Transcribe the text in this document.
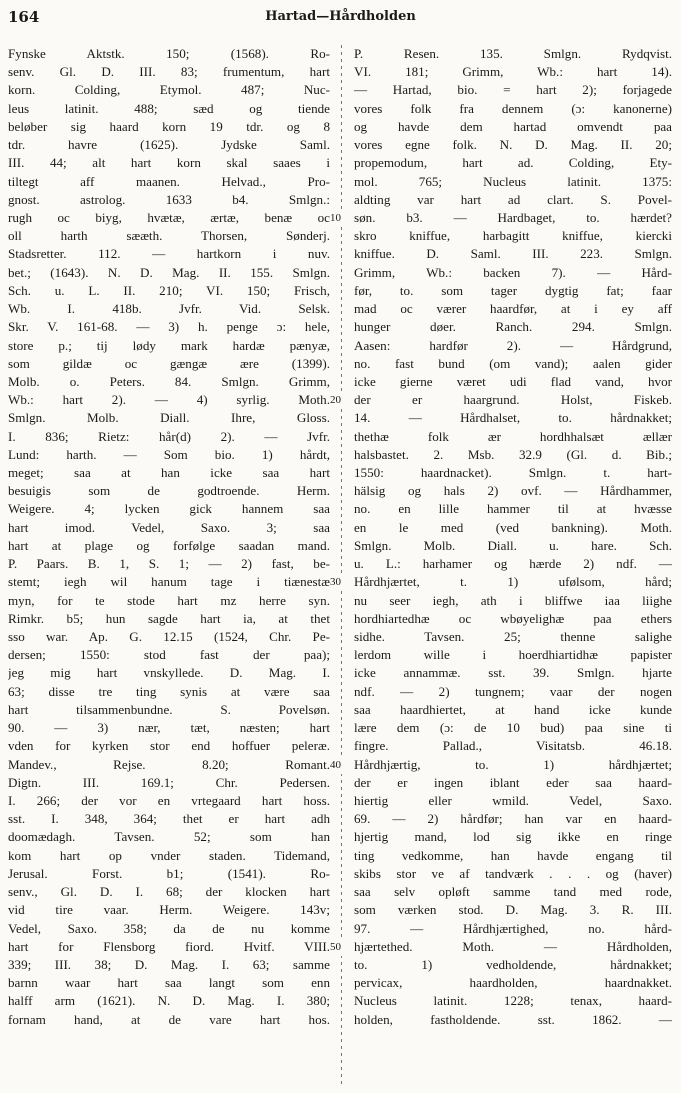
164	Hartad—Hårdholden
Fynske Aktstk. 150; (1568). Ro-
senv. Gl. D. III. 83; frumentum, hart
korn. Colding, Etymol. 487; Nuc-
leus latinit. 488; sæd og tiende
beløber sig haard korn 19 tdr. og 8
tdr. havre (1625). Jydske Saml.
III. 44; alt hart korn skal saaes i
tiltegt aff maanen. Helvad., Pro-
gnost. astrolog. 1633 b4. Smlgn.:
rugh oc biyg, hvætæ, ærtæ, benæ oc
oll harth sææth. Thorsen, Sønderj.
Stadsretter. 112. — hartkorn i nuv.
bet.; (1643). N. D. Mag. II. 155. Smlgn.
Sch. u. L. II. 210; VI. 150; Frisch,
Wb. I. 418b. Jvfr. Vid. Selsk.
Skr. V. 161-68. — 3) h. penge ɔ: hele,
store p.; tij lødy mark hardæ pænyæ,
som gildæ oc gængæ ære (1399).
Molb. o. Peters. 84. Smlgn. Grimm,
Wb.: hart 2). — 4) syrlig. Moth.
Smlgn. Molb. Diall. Ihre, Gloss.
I. 836; Rietz: hår(d) 2). — Jvfr.
Lund: harth. — Som bio. 1) hårdt,
meget; saa at han icke saa hart
besuigis som de godtroende. Herm.
Weigere. 4; lycken gick hannem saa
hart imod. Vedel, Saxo. 3; saa
hart at plage og forfølge saadan mand.
P. Paars. B. 1, S. 1; — 2) fast, be-
stemt; iegh wil hanum tage i tiænestæ
myn, for te stode hart mz herre syn.
Rimkr. b5; hun sagde hart ia, at thet
sso war. Ap. G. 12.15 (1524, Chr. Pe-
dersen; 1550: stod fast der paa);
jeg mig hart vnskyllede. D. Mag. I.
63; disse tre ting synis at være saa
hart tilsammenbundne. S. Povelsøn.
90. — 3) nær, tæt, næsten; hart
vden for kyrken stor end hoffuer peleræ.
Mandev., Rejse. 8.20; Romant.
Digtn. III. 169.1; Chr. Pedersen.
I. 266; der vor en vrtegaard hart hoss.
sst. I. 348, 364; thet er hart adh
doomædagh. Tavsen. 52; som han
kom hart op vnder staden. Tidemand,
Jerusal. Forst. b1; (1541). Ro-
senv., Gl. D. I. 68; der klocken hart
vid tire vaar. Herm. Weigere. 143v;
Vedel, Saxo. 358; da de nu komme
hart for Flensborg fiord. Hvitf. VIII.
339; III. 38; D. Mag. I. 63; samme
barnn waar hart saa langt som enn
halff arm (1621). N. D. Mag. I. 380;
fornam hand, at de vare hart hos.
10
20
30
40
50
P. Resen. 135. Smlgn. Rydqvist.
VI. 181; Grimm, Wb.: hart 14).
— Hartad, bio. = hart 2); forjagede
vores folk fra dennem (ɔ: kanonerne)
og havde dem hartad omvendt paa
vores egne folk. N. D. Mag. II. 20;
propemodum, hart ad. Colding, Ety-
mol. 765; Nucleus latinit. 1375:
aldting var hart ad clart. S. Povel-
søn. b3. — Hardbaget, to. hærdet?
skro kniffue, harbagitt kniffue, kiercki
kniffue. D. Saml. III. 223. Smlgn.
Grimm, Wb.: backen 7). — Hård-
før, to. som tager dygtig fat; faar
mad oc værer haardfør, at i ey aff
hunger døer. Ranch. 294. Smlgn.
Aasen: hardfør 2). — Hårdgrund,
no. fast bund (om vand); aalen gider
icke gierne været udi flad vand, hvor
der er haargrund. Holst, Fiskeb.
14. — Hårdhalset, to. hårdnakket;
thethæ folk ær hordhhalsæt ællær
halsbastet. 2. Msb. 32.9 (Gl. d. Bib.;
1550: haardnacket). Smlgn. t. hart-
hälsig og hals 2) ovf. — Hårdhammer,
no. en lille hammer til at hvæsse
en le med (ved bankning). Moth.
Smlgn. Molb. Diall. u. hare. Sch.
u. L.: harhamer og hærde 2) ndf. —
Hårdhjærtet, t. 1) ufølsom, hård;
nu seer iegh, ath i bliffwe iaa liighe
hordhiartedhæ oc wbøyelighæ paa ethers
sidhe. Tavsen. 25; thenne salighe
lerdom wille i hoerdhiartidhæ papister
icke annammæ. sst. 39. Smlgn. hjarte
ndf. — 2) tungnem; vaar der nogen
saa haardhiertet, at hand icke kunde
lære dem (ɔ: de 10 bud) paa sine ti
fingre. Pallad., Visitatsb. 46.18.
Hårdhjærtig, to. 1) hårdhjærtet;
der er ingen iblant eder saa haard-
hiertig eller wmild. Vedel, Saxo.
69. — 2) hårdfør; han var en haard-
hjertig mand, lod sig ikke en ringe
ting vedkomme, han havde engang til
skibs stor ve af tandværk . . . og (haver)
saa selv opløft samme tand med rode,
som værken stod. D. Mag. 3. R. III.
97. — Hårdhjærtighed, no. hård-
hjærtethed. Moth. — Hårdholden,
to. 1) vedholdende, hårdnakket;
pervicax, haardholden, haardnakket.
Nucleus latinit. 1228; tenax, haard-
holden, fastholdende. sst. 1862. —
